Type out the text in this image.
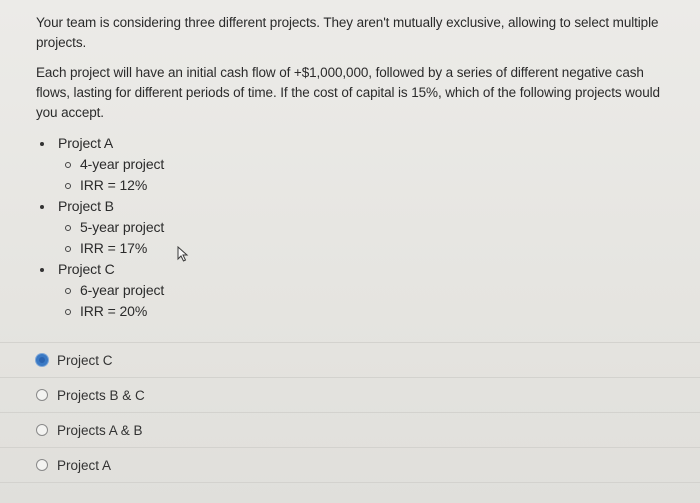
Your team is considering three different projects. They aren't mutually exclusive, allowing to select multiple projects.

Each project will have an initial cash flow of +$1,000,000, followed by a series of different negative cash flows, lasting for different periods of time. If the cost of capital is 15%, which of the following projects would you accept.

Project A
4-year project
IRR = 12%
Project B
5-year project
IRR = 17%
Project C
6-year project
IRR = 20%
Project C
Projects B & C
Projects A & B
Project A
